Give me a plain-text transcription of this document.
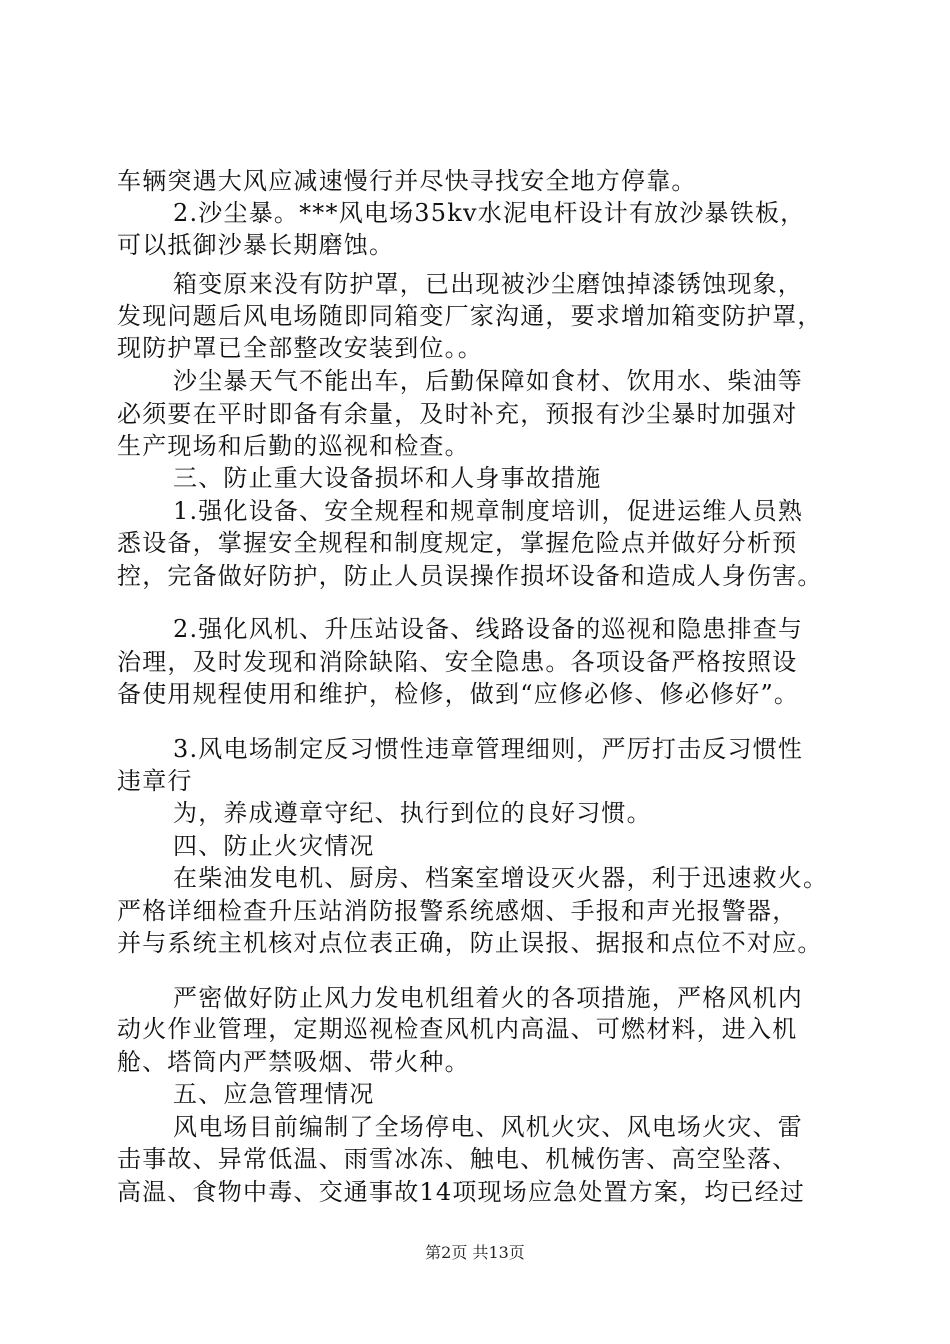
车辆突遇大风应减速慢行并尽快寻找安全地方停靠。
2.沙尘暴。***风电场35kv水泥电杆设计有放沙暴铁板，
可以抵御沙暴长期磨蚀。
箱变原来没有防护罩，已出现被沙尘磨蚀掉漆锈蚀现象，
发现问题后风电场随即同箱变厂家沟通，要求增加箱变防护罩，
现防护罩已全部整改安装到位。。
沙尘暴天气不能出车，后勤保障如食材、饮用水、柴油等
必须要在平时即备有余量，及时补充，预报有沙尘暴时加强对
生产现场和后勤的巡视和检查。
三、防止重大设备损坏和人身事故措施
1.强化设备、安全规程和规章制度培训，促进运维人员熟
悉设备，掌握安全规程和制度规定，掌握危险点并做好分析预
控，完备做好防护，防止人员误操作损坏设备和造成人身伤害。
2.强化风机、升压站设备、线路设备的巡视和隐患排查与
治理，及时发现和消除缺陷、安全隐患。各项设备严格按照设
备使用规程使用和维护，检修，做到“应修必修、修必修好”。
3.风电场制定反习惯性违章管理细则，严厉打击反习惯性
违章行
为，养成遵章守纪、执行到位的良好习惯。
四、防止火灾情况
在柴油发电机、厨房、档案室增设灭火器，利于迅速救火。
严格详细检查升压站消防报警系统感烟、手报和声光报警器，
并与系统主机核对点位表正确，防止误报、据报和点位不对应。
严密做好防止风力发电机组着火的各项措施，严格风机内
动火作业管理，定期巡视检查风机内高温、可燃材料，进入机
舱、塔筒内严禁吸烟、带火种。
五、应急管理情况
风电场目前编制了全场停电、风机火灾、风电场火灾、雷
击事故、异常低温、雨雪冰冻、触电、机械伤害、高空坠落、
高温、食物中毒、交通事故14项现场应急处置方案，均已经过
第2页 共13页
